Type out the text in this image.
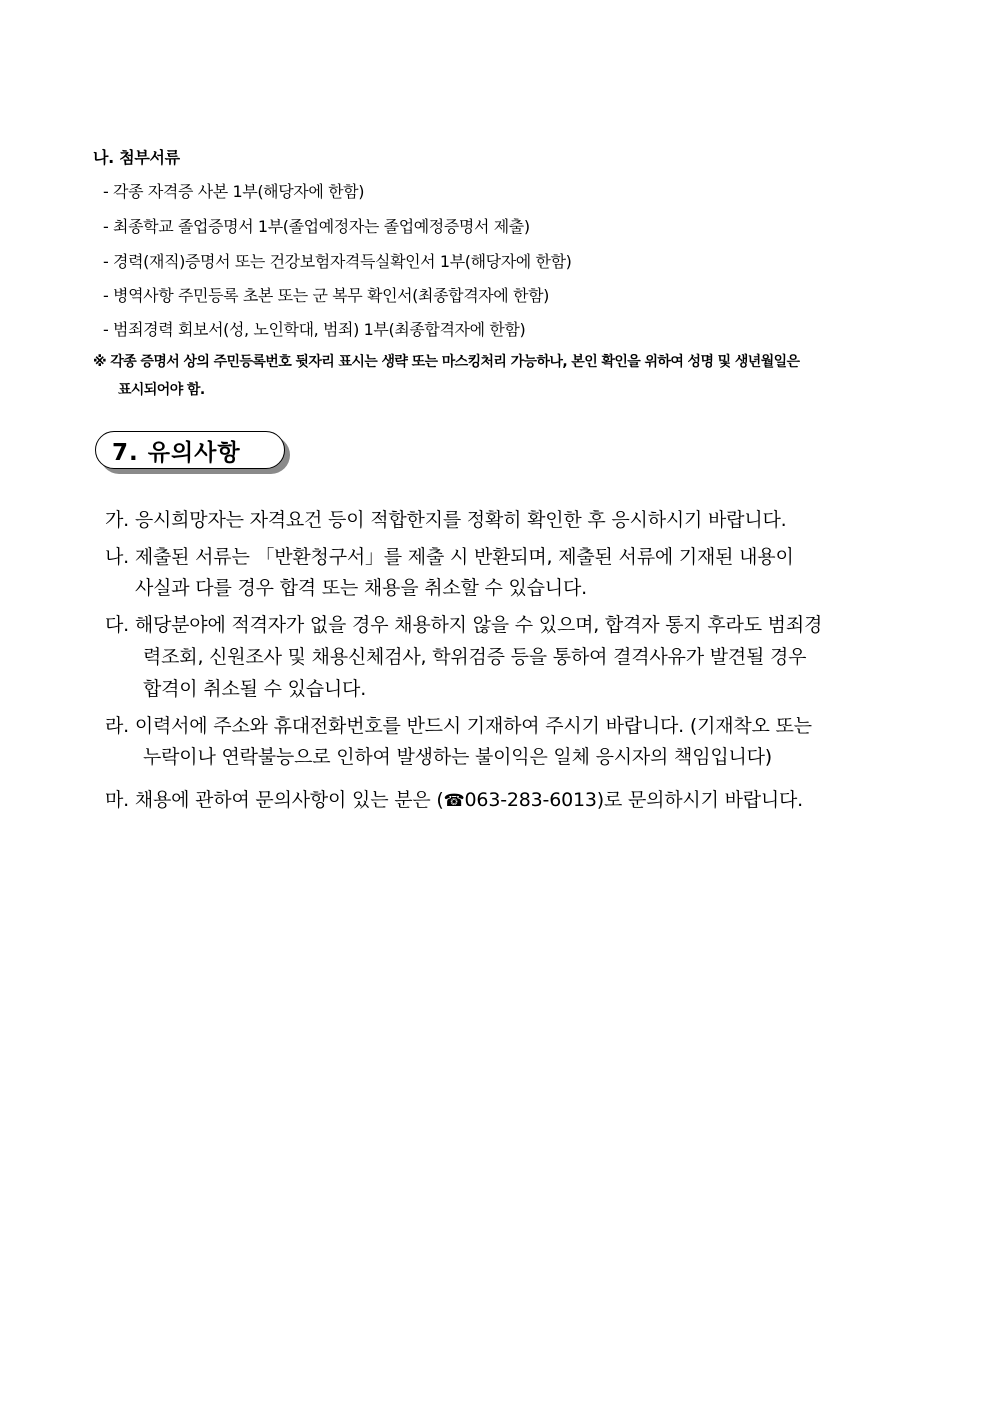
나. 첨부서류
- 각종 자격증 사본 1부(해당자에 한함)
- 최종학교 졸업증명서 1부(졸업예정자는 졸업예정증명서 제출)
- 경력(재직)증명서 또는 건강보험자격득실확인서 1부(해당자에 한함)
- 병역사항 주민등록 초본 또는 군 복무 확인서(최종합격자에 한함)
- 범죄경력 회보서(성, 노인학대, 범죄) 1부(최종합격자에 한함)
※ 각종 증명서 상의 주민등록번호 뒷자리 표시는 생략 또는 마스킹처리 가능하나, 본인 확인을 위하여 성명 및 생년월일은
표시되어야 함.
7. 유의사항
가. 응시희망자는 자격요건 등이 적합한지를 정확히 확인한 후 응시하시기 바랍니다.
나. 제출된 서류는 「반환청구서」를 제출 시 반환되며, 제출된 서류에 기재된 내용이
사실과 다를 경우 합격 또는 채용을 취소할 수 있습니다.
다. 해당분야에 적격자가 없을 경우 채용하지 않을 수 있으며, 합격자 통지 후라도 범죄경
력조회, 신원조사 및 채용신체검사, 학위검증 등을 통하여 결격사유가 발견될 경우
합격이 취소될 수 있습니다.
라. 이력서에 주소와 휴대전화번호를 반드시 기재하여 주시기 바랍니다. (기재착오 또는
누락이나 연락불능으로 인하여 발생하는 불이익은 일체 응시자의 책임입니다)
마. 채용에 관하여 문의사항이 있는 분은 (☎063-283-6013)로 문의하시기 바랍니다.
